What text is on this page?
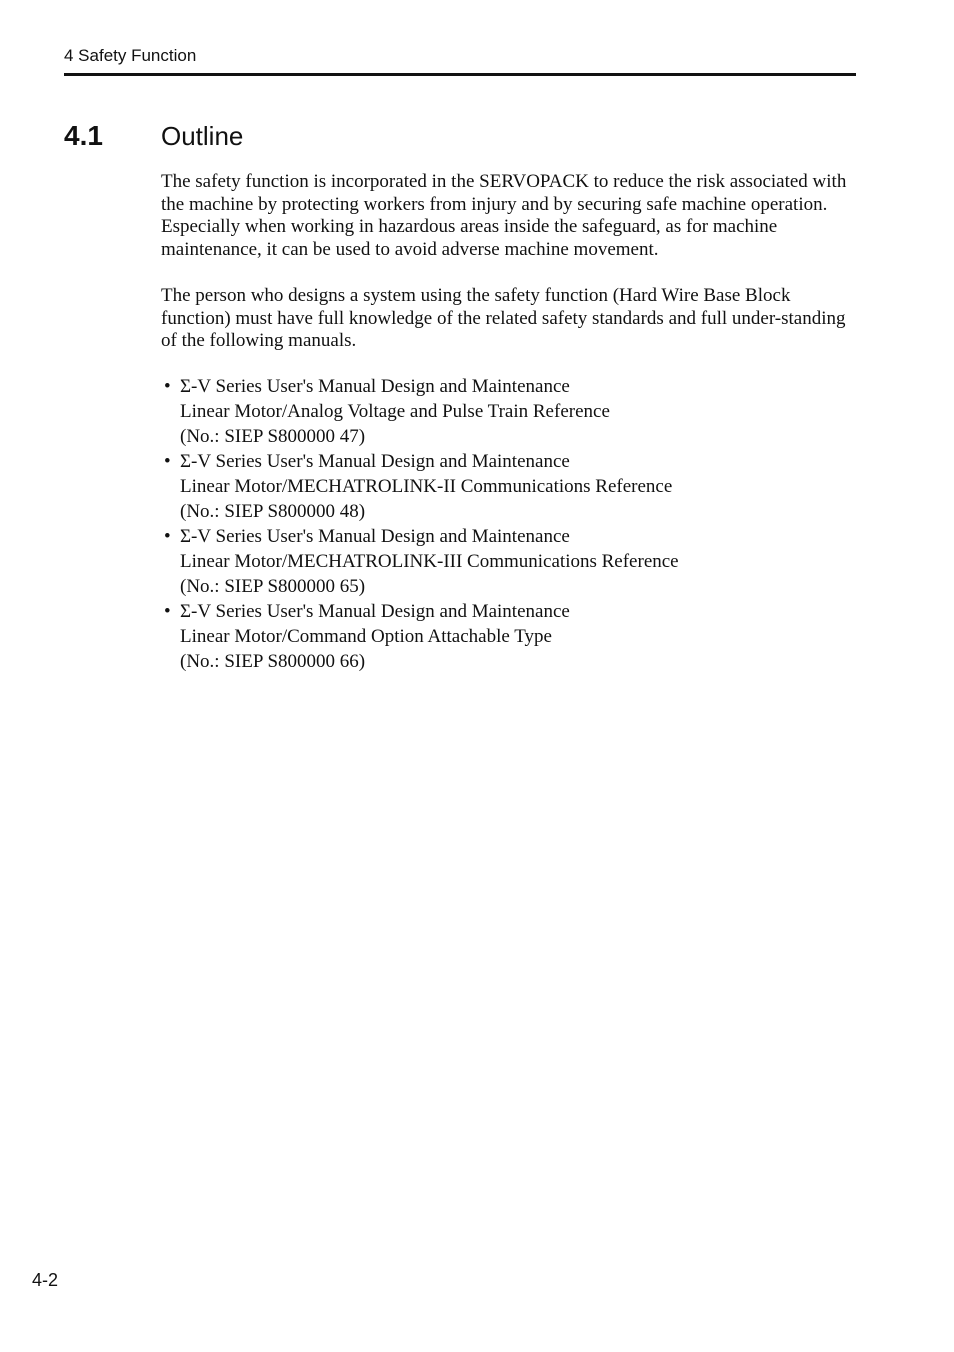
4 Safety Function
4.1 Outline

The safety function is incorporated in the SERVOPACK to reduce the risk associated with the machine by protecting workers from injury and by securing safe machine operation. Especially when working in hazardous areas inside the safeguard, as for machine maintenance, it can be used to avoid adverse machine movement.

The person who designs a system using the safety function (Hard Wire Base Block function) must have full knowledge of the related safety standards and full under-standing of the following manuals.

• Σ-V Series User's Manual Design and Maintenance
Linear Motor/Analog Voltage and Pulse Train Reference
(No.: SIEP S800000 47)
• Σ-V Series User's Manual Design and Maintenance
Linear Motor/MECHATROLINK-II Communications Reference
(No.: SIEP S800000 48)
• Σ-V Series User's Manual Design and Maintenance
Linear Motor/MECHATROLINK-III Communications Reference
(No.: SIEP S800000 65)
• Σ-V Series User's Manual Design and Maintenance
Linear Motor/Command Option Attachable Type
(No.: SIEP S800000 66)
4-2
